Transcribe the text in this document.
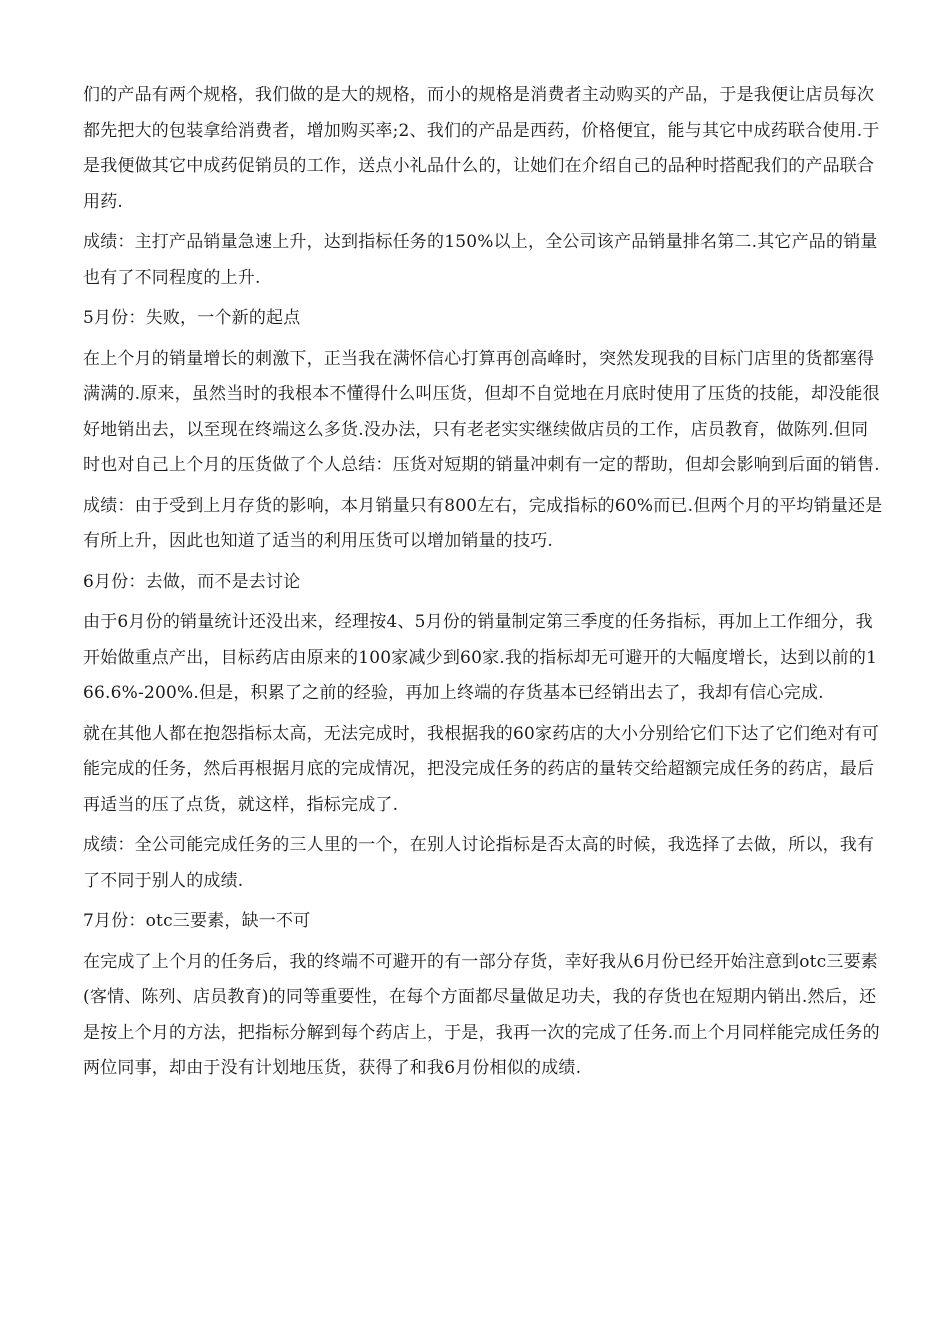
们的产品有两个规格，我们做的是大的规格，而小的规格是消费者主动购买的产品，于是我便让店员每次都先把大的包装拿给消费者，增加购买率;2、我们的产品是西药，价格便宜，能与其它中成药联合使用.于是我便做其它中成药促销员的工作，送点小礼品什么的，让她们在介绍自己的品种时搭配我们的产品联合用药.

成绩：主打产品销量急速上升，达到指标任务的150%以上，全公司该产品销量排名第二.其它产品的销量也有了不同程度的上升.

5月份：失败，一个新的起点

在上个月的销量增长的刺激下，正当我在满怀信心打算再创高峰时，突然发现我的目标门店里的货都塞得满满的.原来，虽然当时的我根本不懂得什么叫压货，但却不自觉地在月底时使用了压货的技能，却没能很好地销出去，以至现在终端这么多货.没办法，只有老老实实继续做店员的工作，店员教育，做陈列.但同时也对自己上个月的压货做了个人总结：压货对短期的销量冲刺有一定的帮助，但却会影响到后面的销售.

成绩：由于受到上月存货的影响，本月销量只有800左右，完成指标的60%而已.但两个月的平均销量还是有所上升，因此也知道了适当的利用压货可以增加销量的技巧.

6月份：去做，而不是去讨论

由于6月份的销量统计还没出来，经理按4、5月份的销量制定第三季度的任务指标，再加上工作细分，我开始做重点产出，目标药店由原来的100家减少到60家.我的指标却无可避开的大幅度增长，达到以前的166.6%-200%.但是，积累了之前的经验，再加上终端的存货基本已经销出去了，我却有信心完成.

就在其他人都在抱怨指标太高，无法完成时，我根据我的60家药店的大小分别给它们下达了它们绝对有可能完成的任务，然后再根据月底的完成情况，把没完成任务的药店的量转交给超额完成任务的药店，最后再适当的压了点货，就这样，指标完成了.

成绩：全公司能完成任务的三人里的一个，在别人讨论指标是否太高的时候，我选择了去做，所以，我有了不同于别人的成绩.

7月份：otc三要素，缺一不可

在完成了上个月的任务后，我的终端不可避开的有一部分存货，幸好我从6月份已经开始注意到otc三要素(客情、陈列、店员教育)的同等重要性，在每个方面都尽量做足功夫，我的存货也在短期内销出.然后，还是按上个月的方法，把指标分解到每个药店上，于是，我再一次的完成了任务.而上个月同样能完成任务的两位同事，却由于没有计划地压货，获得了和我6月份相似的成绩.
